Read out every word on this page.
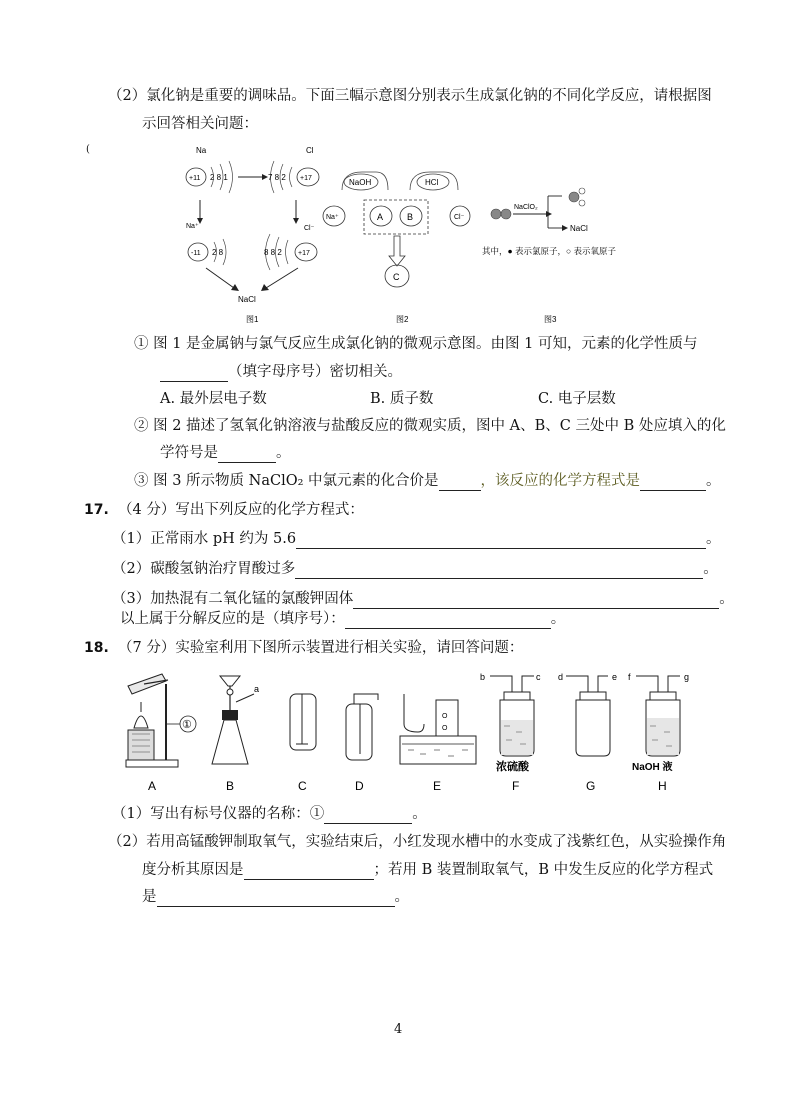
（2）氯化钠是重要的调味品。下面三幅示意图分别表示生成氯化钠的不同化学反应，请根据图
示回答相关问题：
(	Na
+11 2 8 1
Cl
7 8 2 +17
Na⁺
-11 2 8
Cl⁻
8 8 2 +17
NaCl
图1
NaOH	HCl
Na⁺	A	B	Cl⁻
C
图2
NaClO₂
NaCl
其中，● 表示氯原子，○ 表示氧原子
图3
① 图 1 是金属钠与氯气反应生成氯化钠的微观示意图。由图 1 可知，元素的化学性质与
（填字母序号）密切相关。
A. 最外层电子数	B. 质子数	C. 电子层数
② 图 2 描述了氢氧化钠溶液与盐酸反应的微观实质，图中 A、B、C 三处中 B 处应填入的化
学符号是	。
③ 图 3 所示物质 NaClO₂ 中氯元素的化合价是	，该反应的化学方程式是	。
17. （4 分）写出下列反应的化学方程式：
（1）正常雨水 pH 约为 5.6	。
（2）碳酸氢钠治疗胃酸过多	。
（3）加热混有二氧化锰的氯酸钾固体	。
以上属于分解反应的是（填序号）：	。
18. （7 分）实验室利用下图所示装置进行相关实验，请回答问题：
①
A
a
B	C	D
O
O
E
b	c
浓硫酸
F
d	e
G
f	g
NaOH 液
H
（1）写出有标号仪器的名称：①	。
（2）若用高锰酸钾制取氧气，实验结束后，小红发现水槽中的水变成了浅紫红色，从实验操作角
度分析其原因是	；若用 B 装置制取氧气，B 中发生反应的化学方程式
是	。
4
